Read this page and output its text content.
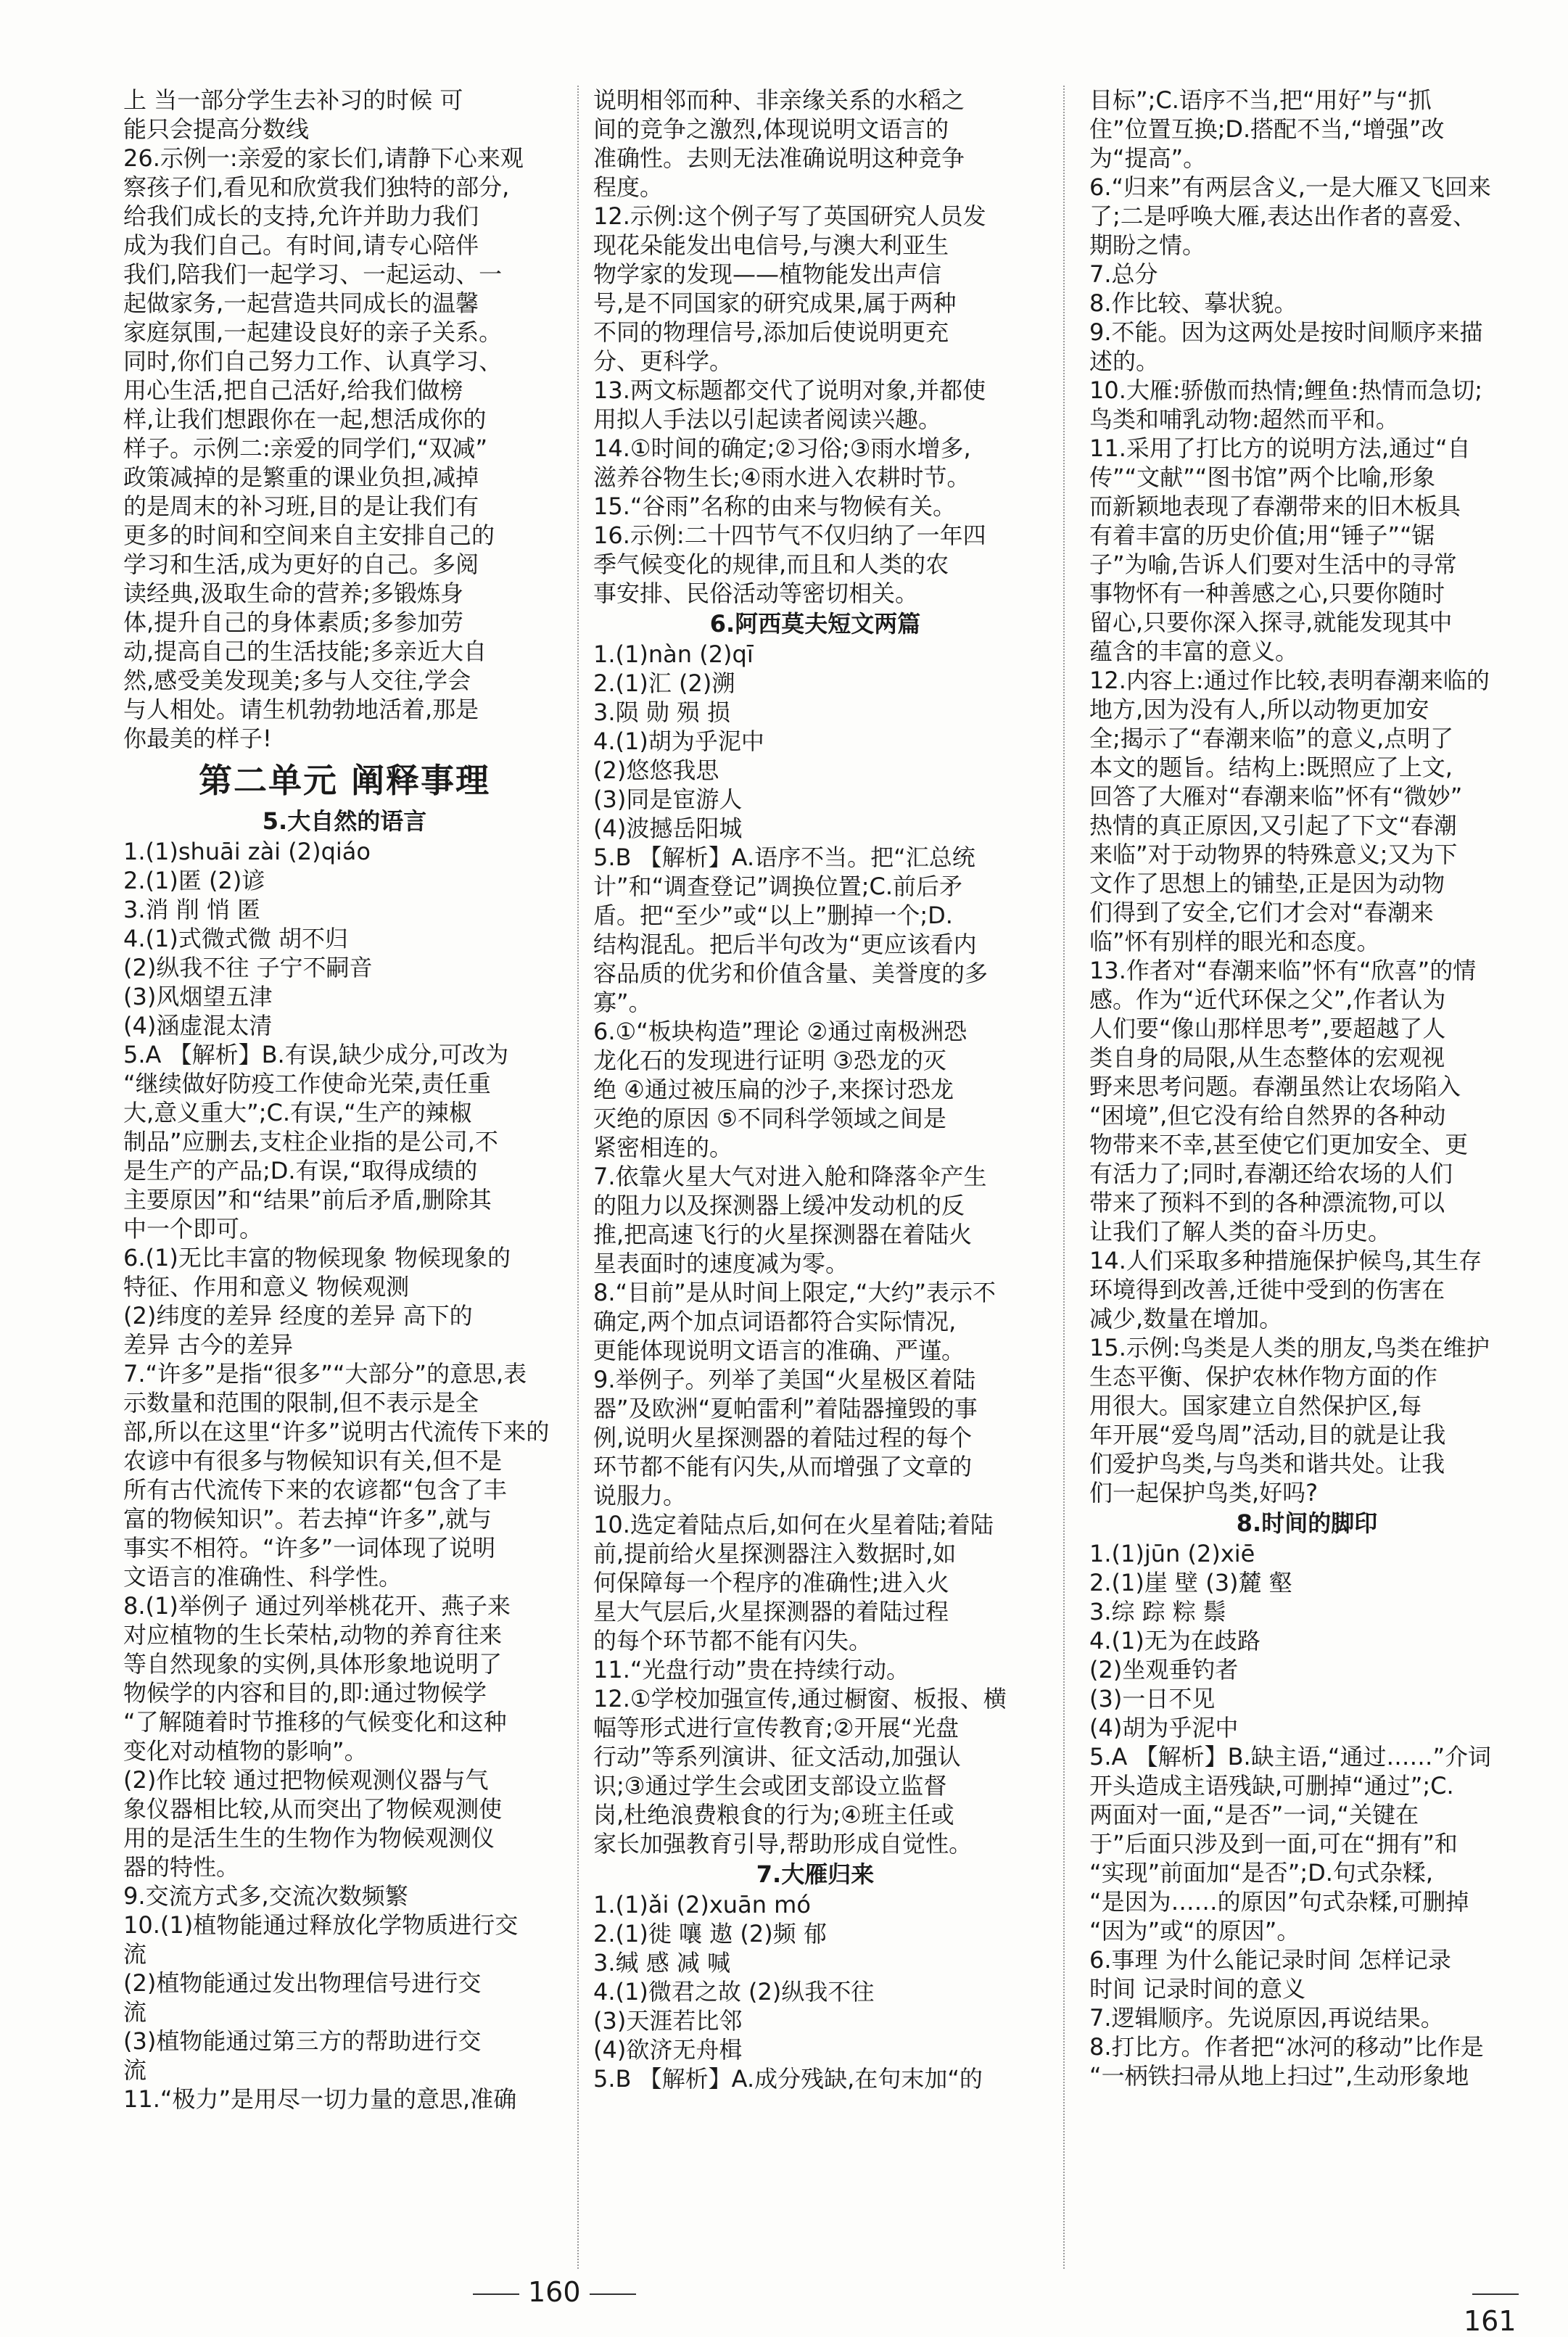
上 当一部分学生去补习的时候 可

能只会提高分数线

26.示例一:亲爱的家长们,请静下心来观

察孩子们,看见和欣赏我们独特的部分,

给我们成长的支持,允许并助力我们

成为我们自己。有时间,请专心陪伴

我们,陪我们一起学习、一起运动、一

起做家务,一起营造共同成长的温馨

家庭氛围,一起建设良好的亲子关系。

同时,你们自己努力工作、认真学习、

用心生活,把自己活好,给我们做榜

样,让我们想跟你在一起,想活成你的

样子。示例二:亲爱的同学们,“双减”

政策减掉的是繁重的课业负担,减掉

的是周末的补习班,目的是让我们有

更多的时间和空间来自主安排自己的

学习和生活,成为更好的自己。多阅

读经典,汲取生命的营养;多锻炼身

体,提升自己的身体素质;多参加劳

动,提高自己的生活技能;多亲近大自

然,感受美发现美;多与人交往,学会

与人相处。请生机勃勃地活着,那是

你最美的样子!

第二单元 阐释事理

5.大自然的语言

1.(1)shuāi zài (2)qiáo

2.(1)匿 (2)谚

3.消 削 悄 匿

4.(1)式微式微 胡不归

(2)纵我不往 子宁不嗣音

(3)风烟望五津

(4)涵虚混太清

5.A 【解析】B.有误,缺少成分,可改为

“继续做好防疫工作使命光荣,责任重

大,意义重大”;C.有误,“生产的辣椒

制品”应删去,支柱企业指的是公司,不

是生产的产品;D.有误,“取得成绩的

主要原因”和“结果”前后矛盾,删除其

中一个即可。

6.(1)无比丰富的物候现象 物候现象的

特征、作用和意义 物候观测

(2)纬度的差异 经度的差异 高下的

差异 古今的差异

7.“许多”是指“很多”“大部分”的意思,表

示数量和范围的限制,但不表示是全

部,所以在这里“许多”说明古代流传下来的

农谚中有很多与物候知识有关,但不是

所有古代流传下来的农谚都“包含了丰

富的物候知识”。若去掉“许多”,就与

事实不相符。“许多”一词体现了说明

文语言的准确性、科学性。

8.(1)举例子 通过列举桃花开、燕子来

对应植物的生长荣枯,动物的养育往来

等自然现象的实例,具体形象地说明了

物候学的内容和目的,即:通过物候学

“了解随着时节推移的气候变化和这种

变化对动植物的影响”。

(2)作比较 通过把物候观测仪器与气

象仪器相比较,从而突出了物候观测使

用的是活生生的生物作为物候观测仪

器的特性。

9.交流方式多,交流次数频繁

10.(1)植物能通过释放化学物质进行交

流

(2)植物能通过发出物理信号进行交

流

(3)植物能通过第三方的帮助进行交

流

11.“极力”是用尽一切力量的意思,准确

说明相邻而种、非亲缘关系的水稻之

间的竞争之激烈,体现说明文语言的

准确性。去则无法准确说明这种竞争

程度。

12.示例:这个例子写了英国研究人员发

现花朵能发出电信号,与澳大利亚生

物学家的发现——植物能发出声信

号,是不同国家的研究成果,属于两种

不同的物理信号,添加后使说明更充

分、更科学。

13.两文标题都交代了说明对象,并都使

用拟人手法以引起读者阅读兴趣。

14.①时间的确定;②习俗;③雨水增多,

滋养谷物生长;④雨水进入农耕时节。

15.“谷雨”名称的由来与物候有关。

16.示例:二十四节气不仅归纳了一年四

季气候变化的规律,而且和人类的农

事安排、民俗活动等密切相关。

6.阿西莫夫短文两篇

1.(1)nàn (2)qī

2.(1)汇 (2)溯

3.陨 勋 殒 损

4.(1)胡为乎泥中

(2)悠悠我思

(3)同是宦游人

(4)波撼岳阳城

5.B 【解析】A.语序不当。把“汇总统

计”和“调查登记”调换位置;C.前后矛

盾。把“至少”或“以上”删掉一个;D.

结构混乱。把后半句改为“更应该看内

容品质的优劣和价值含量、美誉度的多

寡”。

6.①“板块构造”理论 ②通过南极洲恐

龙化石的发现进行证明 ③恐龙的灭

绝 ④通过被压扁的沙子,来探讨恐龙

灭绝的原因 ⑤不同科学领域之间是

紧密相连的。

7.依靠火星大气对进入舱和降落伞产生

的阻力以及探测器上缓冲发动机的反

推,把高速飞行的火星探测器在着陆火

星表面时的速度减为零。

8.“目前”是从时间上限定,“大约”表示不

确定,两个加点词语都符合实际情况,

更能体现说明文语言的准确、严谨。

9.举例子。列举了美国“火星极区着陆

器”及欧洲“夏帕雷利”着陆器撞毁的事

例,说明火星探测器的着陆过程的每个

环节都不能有闪失,从而增强了文章的

说服力。

10.选定着陆点后,如何在火星着陆;着陆

前,提前给火星探测器注入数据时,如

何保障每一个程序的准确性;进入火

星大气层后,火星探测器的着陆过程

的每个环节都不能有闪失。

11.“光盘行动”贵在持续行动。

12.①学校加强宣传,通过橱窗、板报、横

幅等形式进行宣传教育;②开展“光盘

行动”等系列演讲、征文活动,加强认

识;③通过学生会或团支部设立监督

岗,杜绝浪费粮食的行为;④班主任或

家长加强教育引导,帮助形成自觉性。

7.大雁归来

1.(1)ǎi (2)xuān mó

2.(1)徙 嚷 遨 (2)频 郁

3.缄 感 减 喊

4.(1)微君之故 (2)纵我不往

(3)天涯若比邻

(4)欲济无舟楫

5.B 【解析】A.成分残缺,在句末加“的

目标”;C.语序不当,把“用好”与“抓

住”位置互换;D.搭配不当,“增强”改

为“提高”。

6.“归来”有两层含义,一是大雁又飞回来

了;二是呼唤大雁,表达出作者的喜爱、

期盼之情。

7.总分

8.作比较、摹状貌。

9.不能。因为这两处是按时间顺序来描

述的。

10.大雁:骄傲而热情;鲤鱼:热情而急切;

鸟类和哺乳动物:超然而平和。

11.采用了打比方的说明方法,通过“自

传”“文献”“图书馆”两个比喻,形象

而新颖地表现了春潮带来的旧木板具

有着丰富的历史价值;用“锤子”“锯

子”为喻,告诉人们要对生活中的寻常

事物怀有一种善感之心,只要你随时

留心,只要你深入探寻,就能发现其中

蕴含的丰富的意义。

12.内容上:通过作比较,表明春潮来临的

地方,因为没有人,所以动物更加安

全;揭示了“春潮来临”的意义,点明了

本文的题旨。结构上:既照应了上文,

回答了大雁对“春潮来临”怀有“微妙”

热情的真正原因,又引起了下文“春潮

来临”对于动物界的特殊意义;又为下

文作了思想上的铺垫,正是因为动物

们得到了安全,它们才会对“春潮来

临”怀有别样的眼光和态度。

13.作者对“春潮来临”怀有“欣喜”的情

感。作为“近代环保之父”,作者认为

人们要“像山那样思考”,要超越了人

类自身的局限,从生态整体的宏观视

野来思考问题。春潮虽然让农场陷入

“困境”,但它没有给自然界的各种动

物带来不幸,甚至使它们更加安全、更

有活力了;同时,春潮还给农场的人们

带来了预料不到的各种漂流物,可以

让我们了解人类的奋斗历史。

14.人们采取多种措施保护候鸟,其生存

环境得到改善,迁徙中受到的伤害在

减少,数量在增加。

15.示例:鸟类是人类的朋友,鸟类在维护

生态平衡、保护农林作物方面的作

用很大。国家建立自然保护区,每

年开展“爱鸟周”活动,目的就是让我

们爱护鸟类,与鸟类和谐共处。让我

们一起保护鸟类,好吗?

8.时间的脚印

1.(1)jūn (2)xiē

2.(1)崖 壁 (3)麓 壑

3.综 踪 粽 鬃

4.(1)无为在歧路

(2)坐观垂钓者

(3)一日不见

(4)胡为乎泥中

5.A 【解析】B.缺主语,“通过……”介词

开头造成主语残缺,可删掉“通过”;C.

两面对一面,“是否”一词,“关键在

于”后面只涉及到一面,可在“拥有”和

“实现”前面加“是否”;D.句式杂糅,

“是因为……的原因”句式杂糅,可删掉

“因为”或“的原因”。

6.事理 为什么能记录时间 怎样记录

时间 记录时间的意义

7.逻辑顺序。先说原因,再说结果。

8.打比方。作者把“冰河的移动”比作是

“一柄铁扫帚从地上扫过”,生动形象地

160
161
